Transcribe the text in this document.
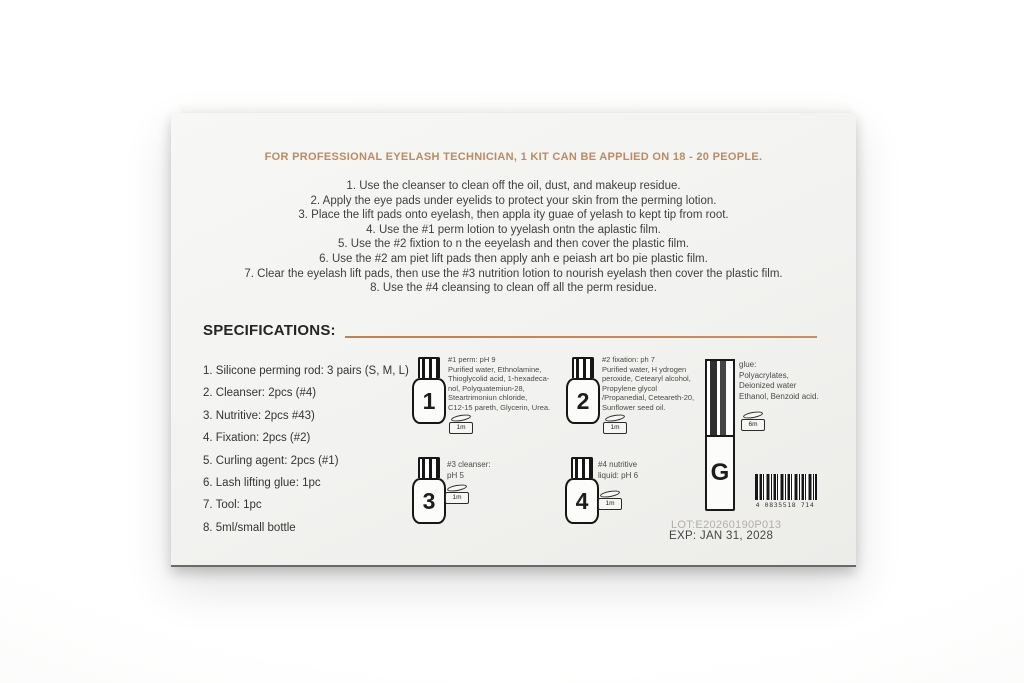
FOR PROFESSIONAL EYELASH TECHNICIAN, 1 KIT CAN BE APPLIED ON 18 - 20 PEOPLE.
1. Use the cleanser to clean off the oil, dust, and makeup residue.
2. Apply the eye pads under eyelids to protect your skin from the perming lotion.
3. Place the lift pads onto eyelash, then appla ity guae of yelash to kept tip from root.
4. Use the #1 perm lotion to yyelash ontn the aplastic film.
5. Use the #2 fixtion to n the eeyelash and then cover the plastic film.
6. Use the #2 am piet lift pads then apply anh e peiash art bo pie plastic film.
7. Clear the eyelash lift pads, then use the #3 nutrition lotion to nourish eyelash then cover the plastic film.
8. Use the #4 cleansing to clean off all the perm residue.
SPECIFICATIONS:
1. Silicone perming rod: 3 pairs (S, M, L)
2. Cleanser: 2pcs (#4)
3. Nutritive: 2pcs #43)
4. Fixation: 2pcs (#2)
5. Curling agent: 2pcs (#1)
6. Lash lifting glue: 1pc
7. Tool: 1pc
8. 5ml/small bottle
1
#1 perm: pH 9
Purified water, Ethnolamine,
Thioglycolid acid, 1-hexadeca-
nol, Polyquatemiun-28,
Steartrimoniun chloride,
C12-15 pareth, Glycerin, Urea.
1m
2
#2 fixation: ph 7
Purified water, H ydrogen
peroxide, Cetearyl alcohol,
Propylene glycol
/Propanedial, Ceteareth-20,
Sunflower seed oil.
1m
3
#3 cleanser:
pH 5
1m	4
#4 nutritive
liquid: pH 6
1m
G
glue:
Polyacrylates,
Deionized water
Ethanol, Benzoid acid.
6m
4 0835518 714
LOT:E20260190P013
EXP: JAN 31, 2028
